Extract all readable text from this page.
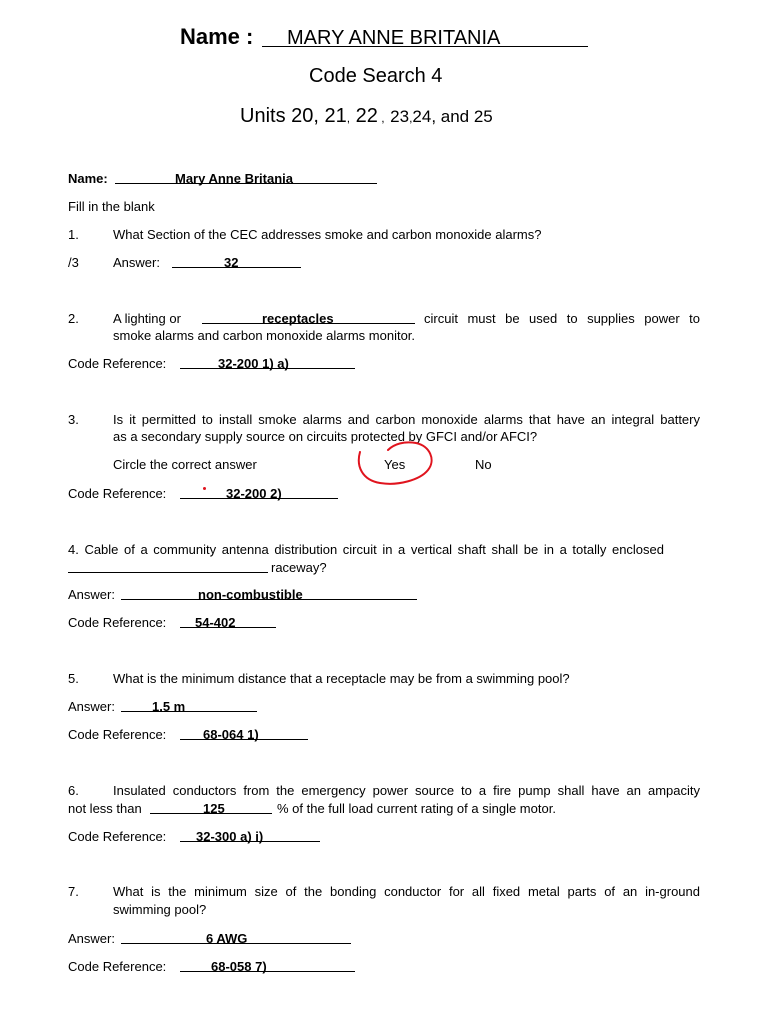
Name : MARY ANNE BRITANIA
Code Search 4
Units 20, 21, 22 , 23,24, and 25
Name:	Mary Anne Britania
Fill in the blank
1.	What Section of the CEC addresses smoke and carbon monoxide alarms?
/3	Answer:	32
2.	A lighting or	receptacles	circuit must be used to supplies power to
smoke alarms and carbon monoxide alarms monitor.
Code Reference:	32-200 1) a)
3.	Is it permitted to install smoke alarms and carbon monoxide alarms that have an integral battery
as a secondary supply source on circuits protected by GFCI and/or AFCI?
Circle the correct answer	Yes	No
Code Reference:	32-200 2)
4. Cable of a community antenna distribution circuit in a vertical shaft shall be in a totally enclosed
raceway?
Answer:	non-combustible
Code Reference: 54-402
5.	What is the minimum distance that a receptacle may be from a swimming pool?
Answer:	1.5 m
Code Reference:	68-064 1)
6.	Insulated conductors from the emergency power source to a fire pump shall have an ampacity
not less than	125	% of the full load current rating of a single motor.
Code Reference: 32-300 a) i)
7.	What is the minimum size of the bonding conductor for all fixed metal parts of an in-ground
swimming pool?
Answer:	6 AWG
Code Reference:	68-058 7)
